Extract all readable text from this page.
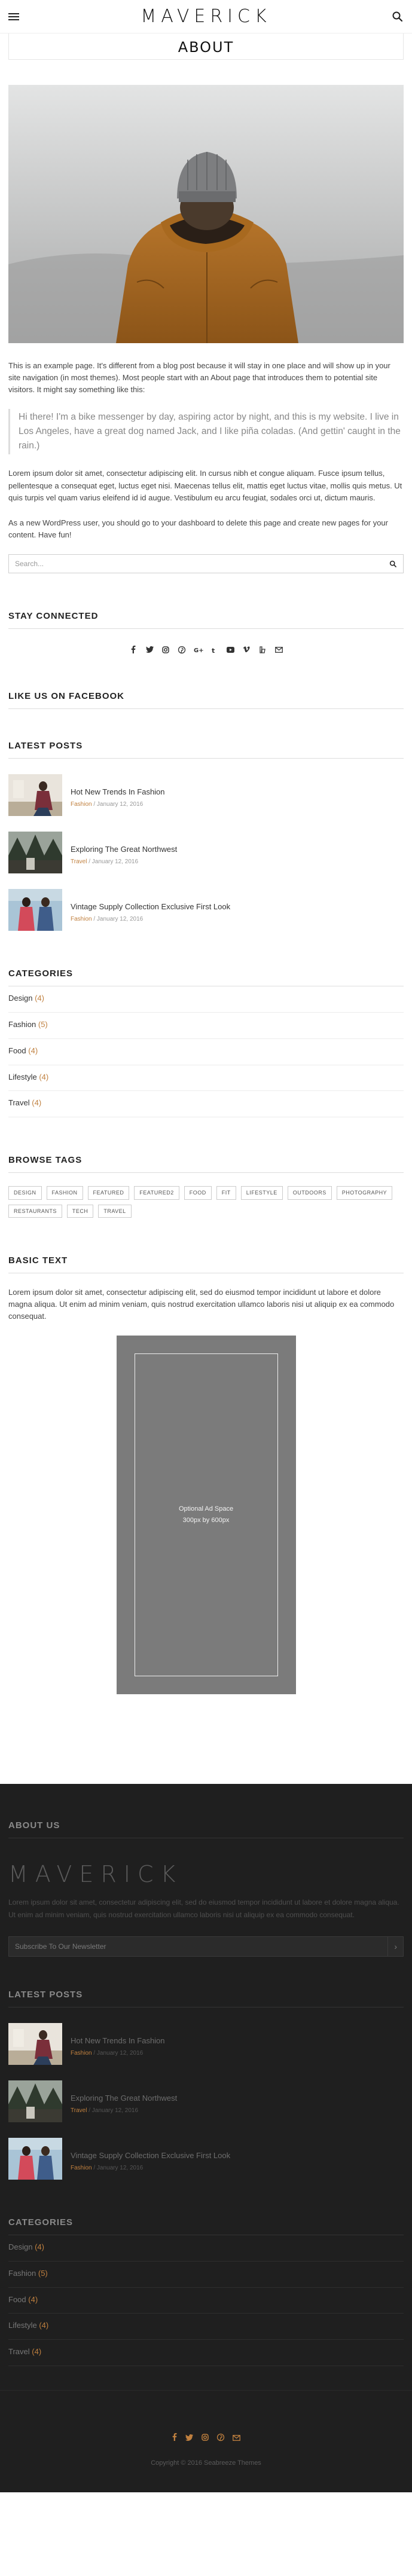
MAVERICK
ABOUT

This is an example page. It's different from a blog post because it will stay in one place and will show up in your site navigation (in most themes). Most people start with an About page that introduces them to potential site visitors. It might say something like this:

Hi there! I'm a bike messenger by day, aspiring actor by night, and this is my website. I live in Los Angeles, have a great dog named Jack, and I like piña coladas. (And gettin' caught in the rain.)

Lorem ipsum dolor sit amet, consectetur adipiscing elit. In cursus nibh et congue aliquam. Fusce ipsum tellus, pellentesque a consequat eget, luctus eget nisi. Maecenas tellus elit, mattis eget luctus vitae, mollis quis metus. Ut quis turpis vel quam varius eleifend id id augue. Vestibulum eu arcu feugiat, sodales orci ut, dictum mauris.

As a new WordPress user, you should go to your dashboard to delete this page and create new pages for your content. Have fun!

Search...
STAY CONNECTED
G+ t
LIKE US ON FACEBOOK
LATEST POSTS
Hot New Trends In Fashion
Fashion / January 12, 2016
Exploring The Great Northwest
Travel / January 12, 2016
Vintage Supply Collection Exclusive First Look
Fashion / January 12, 2016
CATEGORIES
Design (4)
Fashion (5)
Food (4)
Lifestyle (4)
Travel (4)
BROWSE TAGS
DESIGN	FASHION	FEATURED	FEATURED2	FOOD	FIT	LIFESTYLE	OUTDOORS	PHOTOGRAPHY
RESTAURANTS	TECH	TRAVEL
BASIC TEXT
Lorem ipsum dolor sit amet, consectetur adipiscing elit, sed do eiusmod tempor incididunt ut labore et dolore magna aliqua. Ut enim ad minim veniam, quis nostrud exercitation ullamco laboris nisi ut aliquip ex ea commodo consequat.
Optional Ad Space
300px by 600px
ABOUT US
MAVERICK

Lorem ipsum dolor sit amet, consectetur adipiscing elit, sed do eiusmod tempor incididunt ut labore et dolore magna aliqua. Ut enim ad minim veniam, quis nostrud exercitation ullamco laboris nisi ut aliquip ex ea commodo consequat.

Subscribe To Our Newsletter
›
LATEST POSTS
Hot New Trends In Fashion
Fashion / January 12, 2016
Exploring The Great Northwest
Travel / January 12, 2016
Vintage Supply Collection Exclusive First Look
Fashion / January 12, 2016
CATEGORIES
Design (4)
Fashion (5)
Food (4)
Lifestyle (4)
Travel (4)
Copyright © 2016 Seabreeze Themes
